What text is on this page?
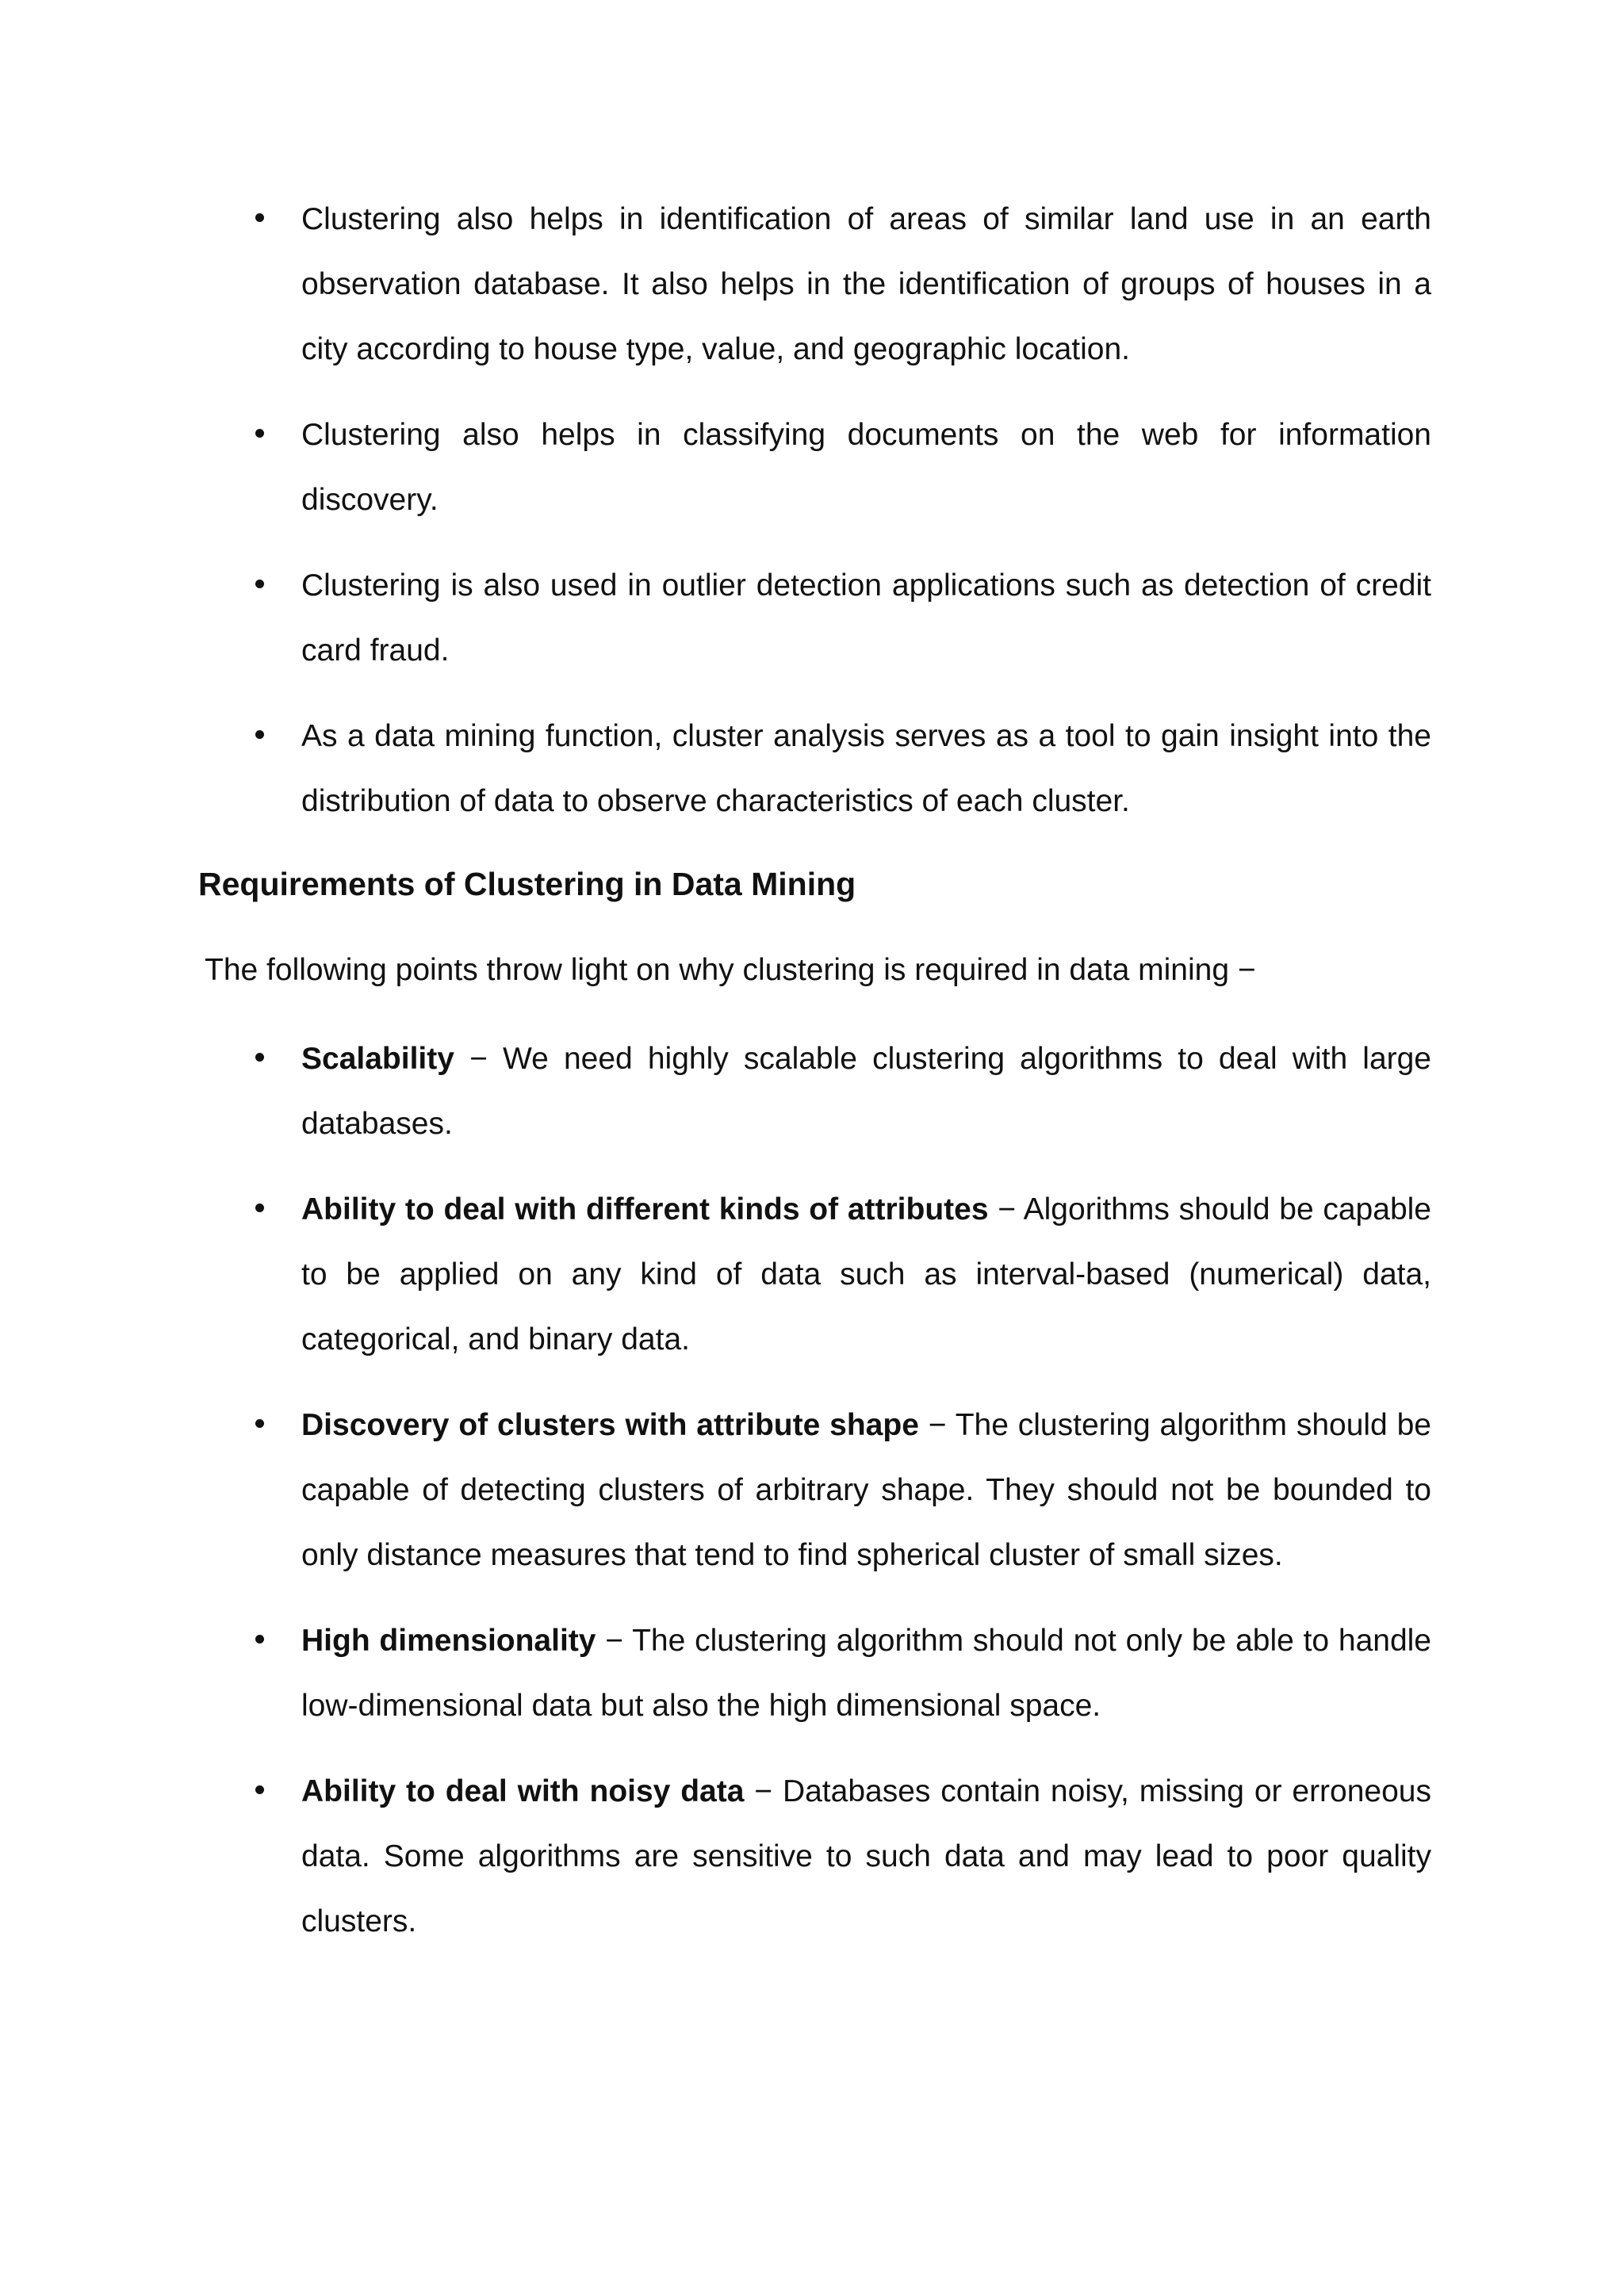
Clustering also helps in identification of areas of similar land use in an earth observation database. It also helps in the identification of groups of houses in a city according to house type, value, and geographic location.
Clustering also helps in classifying documents on the web for information discovery.
Clustering is also used in outlier detection applications such as detection of credit card fraud.
As a data mining function, cluster analysis serves as a tool to gain insight into the distribution of data to observe characteristics of each cluster.
Requirements of Clustering in Data Mining

The following points throw light on why clustering is required in data mining −

Scalability − We need highly scalable clustering algorithms to deal with large databases.
Ability to deal with different kinds of attributes − Algorithms should be capable to be applied on any kind of data such as interval-based (numerical) data, categorical, and binary data.
Discovery of clusters with attribute shape − The clustering algorithm should be capable of detecting clusters of arbitrary shape. They should not be bounded to only distance measures that tend to find spherical cluster of small sizes.
High dimensionality − The clustering algorithm should not only be able to handle low-dimensional data but also the high dimensional space.
Ability to deal with noisy data − Databases contain noisy, missing or erroneous data. Some algorithms are sensitive to such data and may lead to poor quality clusters.
